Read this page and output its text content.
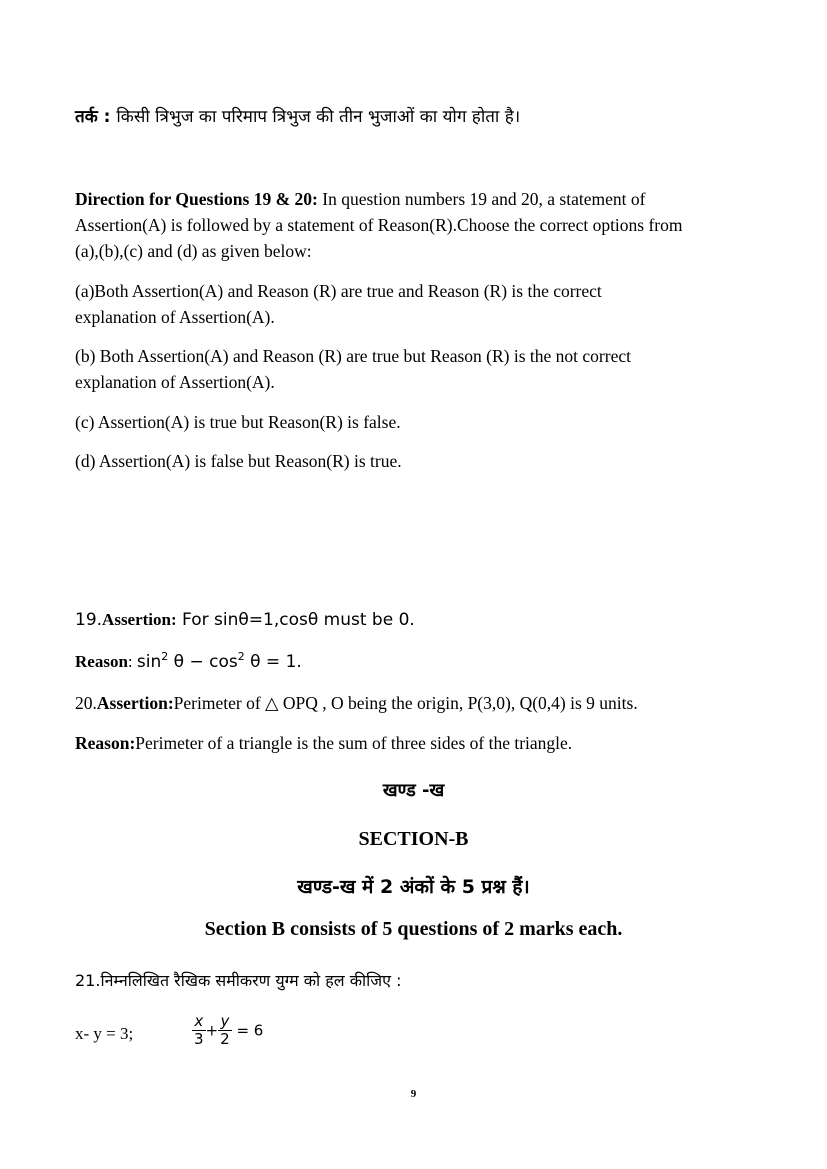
तर्क : किसी त्रिभुज का परिमाप त्रिभुज की तीन भुजाओं का योग होता है।
Direction for Questions 19 & 20: In question numbers 19 and 20, a statement of
Assertion(A) is followed by a statement of Reason(R).Choose the correct options from
(a),(b),(c) and (d) as given below:
(a)Both Assertion(A) and Reason (R) are true and Reason (R) is the correct
explanation of Assertion(A).
(b) Both Assertion(A) and Reason (R) are true but Reason (R) is the not correct
explanation of Assertion(A).
(c) Assertion(A) is true but Reason(R) is false.
(d) Assertion(A) is false but Reason(R) is true.
19.Assertion: For sinθ=1,cosθ must be 0.
Reason: $\sin^2 \theta - \cos^2 \theta = 1$.
20.Assertion:Perimeter of △ OPQ , O being the origin, P(3,0), Q(0,4) is 9 units.
Reason:Perimeter of a triangle is the sum of three sides of the triangle.
खण्ड -ख
SECTION-B
खण्ड-ख में 2 अंकों के 5 प्रश्न हैं।
Section B consists of 5 questions of 2 marks each.
21.निम्नलिखित रैखिक समीकरण युग्म को हल कीजिए :
x- y = 3;	$\frac{x}{3} + \frac{y}{2} = 6$
9
